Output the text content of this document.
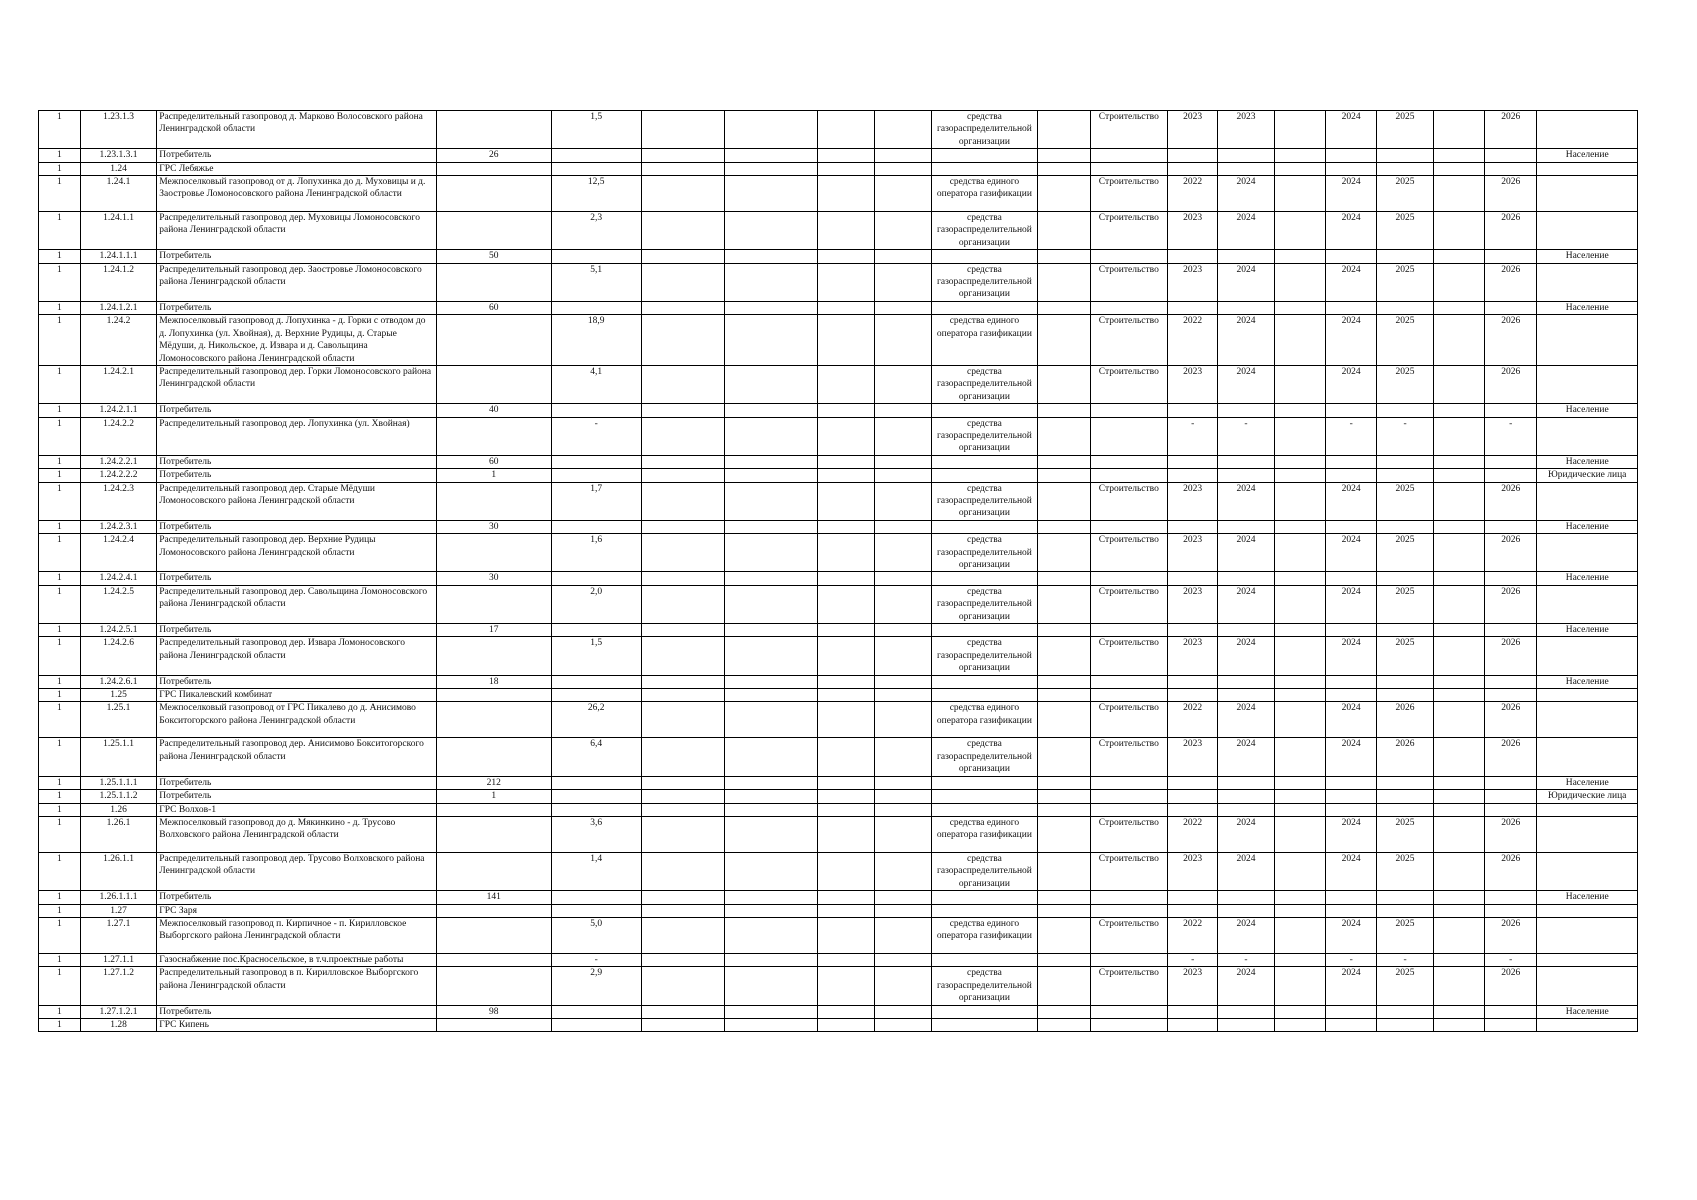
1	1.23.1.3	Распределительный газопровод д. Марково Волосовского района Ленинградской области		1,5					средства газораспределительной организации		Строительство	2023	2023		2024	2025		2026	
1	1.23.1.3.1	Потребитель	26																Население
1	1.24	ГРС Лебяжье																	
1	1.24.1	Межпоселковый газопровод от д. Лопухинка до д. Муховицы и д. Заостровье Ломоносовского района Ленинградской области		12,5					средства единого оператора газификации		Строительство	2022	2024		2024	2025		2026	
1	1.24.1.1	Распределительный газопровод дер. Муховицы Ломоносовского района Ленинградской области		2,3					средства газораспределительной организации		Строительство	2023	2024		2024	2025		2026	
1	1.24.1.1.1	Потребитель	50																Население
1	1.24.1.2	Распределительный газопровод дер. Заостровье Ломоносовского района Ленинградской области		5,1					средства газораспределительной организации		Строительство	2023	2024		2024	2025		2026	
1	1.24.1.2.1	Потребитель	60																Население
1	1.24.2	Межпоселковый газопровод д. Лопухинка - д. Горки с отводом до д. Лопухинка (ул. Хвойная), д. Верхние Рудицы, д. Старые Мёдуши, д. Никольское, д. Извара и д. Савольщина Ломоносовского района Ленинградской области		18,9					средства единого оператора газификации		Строительство	2022	2024		2024	2025		2026	
1	1.24.2.1	Распределительный газопровод дер. Горки Ломоносовского района Ленинградской области		4,1					средства газораспределительной организации		Строительство	2023	2024		2024	2025		2026	
1	1.24.2.1.1	Потребитель	40																Население
1	1.24.2.2	Распределительный газопровод дер. Лопухинка (ул. Хвойная)		-					средства газораспределительной организации			-	-		-	-		-	
1	1.24.2.2.1	Потребитель	60																Население
1	1.24.2.2.2	Потребитель	1																Юридические лица
1	1.24.2.3	Распределительный газопровод дер. Старые Мёдуши Ломоносовского района Ленинградской области		1,7					средства газораспределительной организации		Строительство	2023	2024		2024	2025		2026	
1	1.24.2.3.1	Потребитель	30																Население
1	1.24.2.4	Распределительный газопровод дер. Верхние Рудицы Ломоносовского района Ленинградской области		1,6					средства газораспределительной организации		Строительство	2023	2024		2024	2025		2026	
1	1.24.2.4.1	Потребитель	30																Население
1	1.24.2.5	Распределительный газопровод дер. Савольщина Ломоносовского района Ленинградской области		2,0					средства газораспределительной организации		Строительство	2023	2024		2024	2025		2026	
1	1.24.2.5.1	Потребитель	17																Население
1	1.24.2.6	Распределительный газопровод дер. Извара Ломоносовского района Ленинградской области		1,5					средства газораспределительной организации		Строительство	2023	2024		2024	2025		2026	
1	1.24.2.6.1	Потребитель	18																Население
1	1.25	ГРС Пикалевский комбинат																	
1	1.25.1	Межпоселковый газопровод от ГРС Пикалево до д. Анисимово Бокситогорского района Ленинградской области		26,2					средства единого оператора газификации		Строительство	2022	2024		2024	2026		2026	
1	1.25.1.1	Распределительный газопровод дер. Анисимово Бокситогорского района Ленинградской области		6,4					средства газораспределительной организации		Строительство	2023	2024		2024	2026		2026	
1	1.25.1.1.1	Потребитель	212																Население
1	1.25.1.1.2	Потребитель	1																Юридические лица
1	1.26	ГРС Волхов-1																	
1	1.26.1	Межпоселковый газопровод до д. Мякинкино - д. Трусово Волховского района Ленинградской области		3,6					средства единого оператора газификации		Строительство	2022	2024		2024	2025		2026	
1	1.26.1.1	Распределительный газопровод дер. Трусово Волховского района Ленинградской области		1,4					средства газораспределительной организации		Строительство	2023	2024		2024	2025		2026	
1	1.26.1.1.1	Потребитель	141																Население
1	1.27	ГРС Заря																	
1	1.27.1	Межпоселковый газопровод п. Кирпичное - п. Кирилловское Выборгского района Ленинградской области		5,0					средства единого оператора газификации		Строительство	2022	2024		2024	2025		2026	
1	1.27.1.1	Газоснабжение пос.Красносельское, в т.ч.проектные работы		-								-	-		-	-		-	
1	1.27.1.2	Распределительный газопровод в п. Кирилловское Выборгского района Ленинградской области		2,9					средства газораспределительной организации		Строительство	2023	2024		2024	2025		2026	
1	1.27.1.2.1	Потребитель	98																Население
1	1.28	ГРС Кипень																	
